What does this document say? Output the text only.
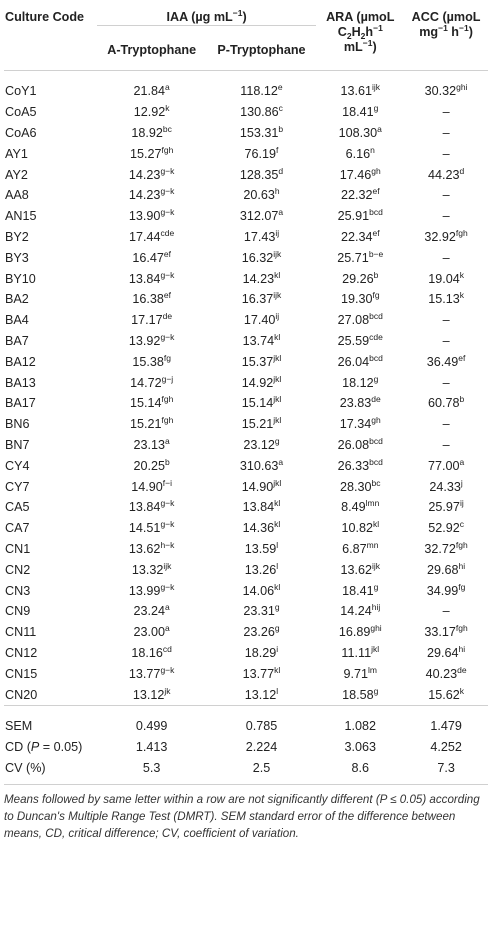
Culture Code	IAA (µg $mL^{-1}$)		ARA (µmoL
$C_2H_2h^{-1}$
$mL^{-1}$)	ACC (µmoL
$mg^{-1}$ $h^{-1}$)
	A-Tryptophane	P-Tryptophane		

CoY1	21.84$^a$	118.12e	$13.61^{ijk}$	$30.32^{ghi}$
CoA5	12.92$^k$	130.86$^c$	18.41$^g$	–
CoA6	18.92$^{bc}$	153.31$^b$	108.30$^a$	–
AY1	15.27$^{fgh}$	76.19$^f$	6.16$^n$	–
AY2	$14.23^{g-k}$	128.35$^d$	17.46$^{gh}$	44.23$^d$
AA8	$14.23^{g-k}$	20.63$^h$	22.32$^{ef}$	–
AN15	$13.90^{g-k}$	312.07$^a$	25.91$^{bcd}$	–
BY2	17.44$^{cde}$	$17.43^{ij}$	22.34$^{ef}$	32.92$^{fgh}$
BY3	16.47$^{ef}$	$16.32^{ijk}$	$25.71^{b-e}$	–
BY10	$13.84^{g-k}$	$14.23^{kl}$	29.26$^b$	19.04$^k$
BA2	16.38$^{ef}$	$16.37^{ijk}$	19.30$^{fg}$	15.13$^k$
BA4	17.17de	$17.40^{ij}$	27.08$^{bcd}$	–
BA7	$13.92^{g-k}$	$13.74^{kl}$	25.59$^{cde}$	–
BA12	15.38$^{fg}$	$15.37^{jkl}$	26.04$^{bcd}$	36.49$^{ef}$
BA13	$14.72^{g-j}$	$14.92^{jkl}$	18.12$^g$	–
BA17	15.14$^{fgh}$	$15.14^{jkl}$	23.83de	60.78$^b$
BN6	15.21$^{fgh}$	$15.21^{jkl}$	17.34$^{gh}$	–
BN7	23.13$^a$	23.12$^g$	26.08$^{bcd}$	–
CY4	20.25$^b$	310.63$^a$	26.33$^{bcd}$	77.00$^a$
CY7	$14.90^{f-i}$	$14.90^{jkl}$	28.30$^{bc}$	24.33$^j$
CA5	$13.84^{g-k}$	$13.84^{kl}$	$8.49^{lmn}$	$25.97^{ij}$
CA7	$14.51^{g-k}$	$14.36^{kl}$	$10.82^{kl}$	52.92$^c$
CN1	$13.62^{h-k}$	13.59$^l$	$6.87^{mn}$	32.72$^{fgh}$
CN2	$13.32^{ijk}$	13.26$^l$	$13.62^{ijk}$	$29.68^{hi}$
CN3	$13.99^{g-k}$	$14.06^{kl}$	18.41$^g$	34.99$^{fg}$
CN9	23.24$^a$	23.31$^g$	$14.24^{hij}$	–
CN11	23.00$^a$	23.26$^g$	$16.89^{ghi}$	33.17$^{fgh}$
CN12	18.16$^{cd}$	18.29$^i$	$11.11^{jkl}$	$29.64^{hi}$
CN15	$13.77^{g-k}$	$13.77^{kl}$	$9.71^{lm}$	40.23de
CN20	$13.12^{jk}$	13.12$^l$	18.58$^g$	15.62$^k$
SEM	0.499	0.785	1.082	1.479
CD (P = 0.05)	1.413	2.224	3.063	4.252
CV (%)	5.3	2.5	8.6	7.3
Means followed by same letter within a row are not significantly different (P ≤ 0.05) according to Duncan's Multiple Range Test (DMRT). SEM standard error of the difference between means, CD, critical difference; CV, coefficient of variation.
